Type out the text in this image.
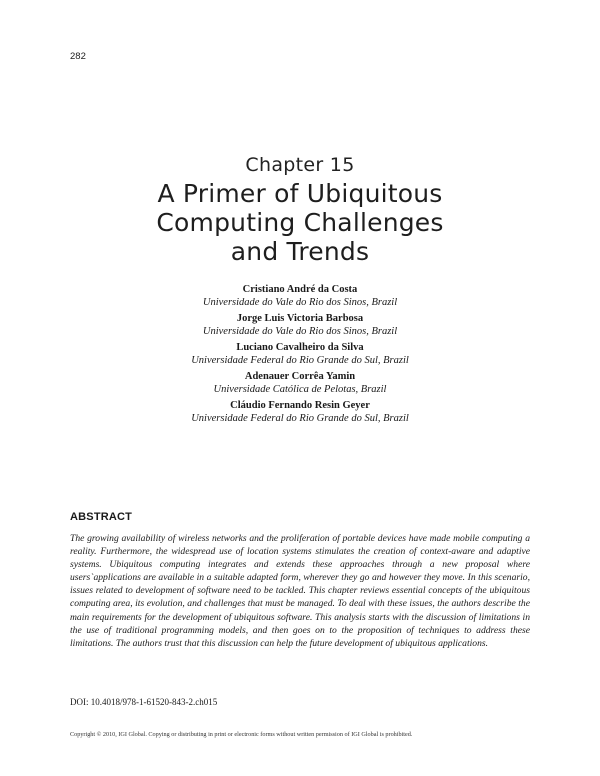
282
Chapter 15
A Primer of Ubiquitous
Computing Challenges
and Trends
Cristiano André da Costa
Universidade do Vale do Rio dos Sinos, Brazil
Jorge Luis Victoria Barbosa
Universidade do Vale do Rio dos Sinos, Brazil
Luciano Cavalheiro da Silva
Universidade Federal do Rio Grande do Sul, Brazil
Adenauer Corrêa Yamin
Universidade Católica de Pelotas, Brazil
Cláudio Fernando Resin Geyer
Universidade Federal do Rio Grande do Sul, Brazil
ABSTRACT
The growing availability of wireless networks and the proliferation of portable devices have made mobile computing a reality. Furthermore, the widespread use of location systems stimulates the creation of context-aware and adaptive systems. Ubiquitous computing integrates and extends these approaches through a new proposal where users`applications are available in a suitable adapted form, wherever they go and however they move. In this scenario, issues related to development of software need to be tackled. This chapter reviews essential concepts of the ubiquitous computing area, its evolution, and challenges that must be managed. To deal with these issues, the authors describe the main requirements for the development of ubiquitous software. This analysis starts with the discussion of limitations in the use of traditional programming models, and then goes on to the proposition of techniques to address these limitations. The authors trust that this discussion can help the future development of ubiquitous applications.
DOI: 10.4018/978-1-61520-843-2.ch015
Copyright © 2010, IGI Global. Copying or distributing in print or electronic forms without written permission of IGI Global is prohibited.
